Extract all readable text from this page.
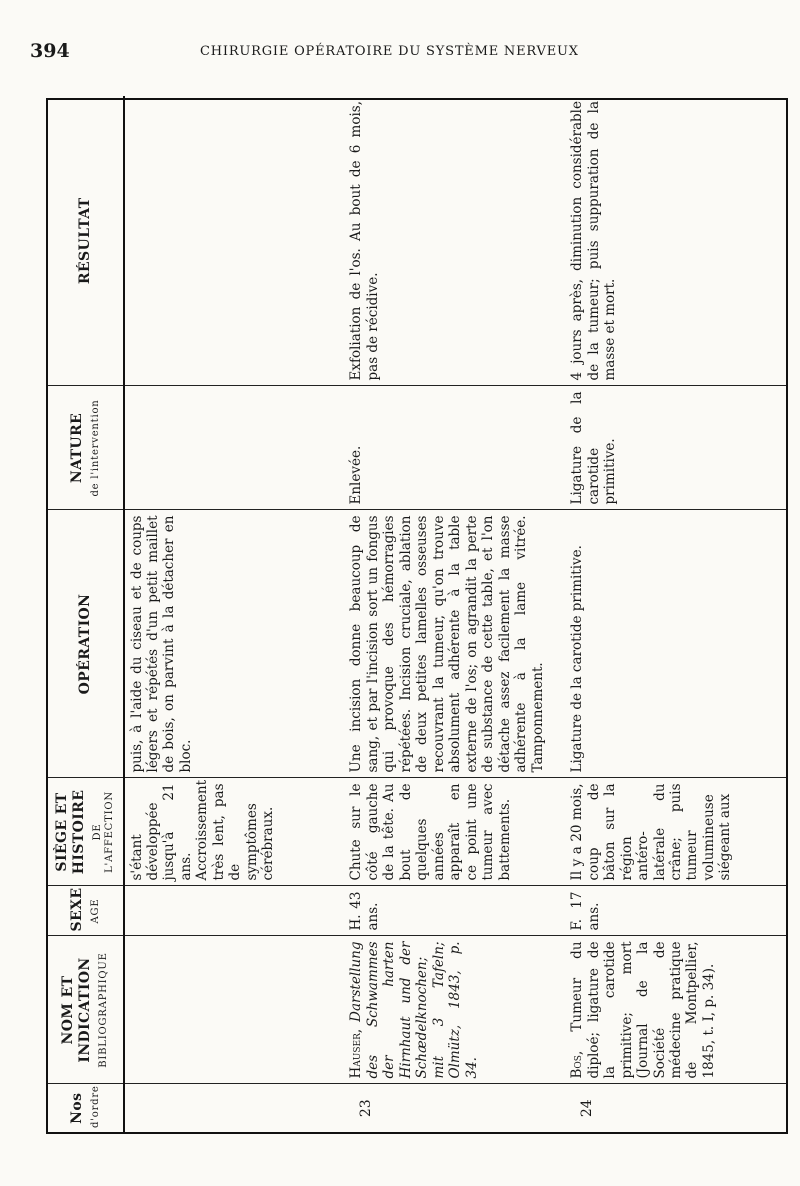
394	CHIRURGIE OPÉRATOIRE DU SYSTÈME NERVEUX
Nos d'ordre	NOM ET INDICATION BIBLIOGRAPHIQUE	SEXE AGE	SIÈGE ET HISTOIRE DE L'AFFECTION	OPÉRATION	NATURE de l'intervention	RÉSULTAT
			s'étant développée jusqu'à 21 ans. Accroissement très lent, pas de symptômes cérébraux.	puis, à l'aide du ciseau et de coups légers et répétés d'un petit maillet de bois, on parvint à la détacher en bloc.		
23	Hauser, Darstellung des Schwammes der harten Hirnhaut und der Schædelknochen; mit 3 Tafeln; Olmütz, 1843, p. 34.	H. 43 ans.	Chute sur le côté gauche de la tête. Au bout de quelques années apparaît en ce point une tumeur avec battements.	Une incision donne beaucoup de sang, et par l'incision sort un fongus qui provoque des hémorragies répétées. Incision cruciale, ablation de deux petites lamelles osseuses recouvrant la tumeur, qu'on trouve absolument adhérente à la table externe de l'os; on agrandit la perte de substance de cette table, et l'on détache assez facilement la masse adhérente à la lame vitrée. Tamponnement.	Enlevée.	Exfoliation de l'os. Au bout de 6 mois, pas de récidive.
24	Bos, Tumeur du diploé; ligature de la carotide primitive; mort (Journal de la Société de médecine pratique de Montpellier, 1845, t. I, p. 34).	F. 17 ans.	Il y a 20 mois, coup de bâton sur la région antéro-latérale du crâne; puis tumeur volumineuse siégeant aux	Ligature de la carotide primitive.	Ligature de la carotide primitive.	4 jours après, diminution considérable de la tumeur; puis suppuration de la masse et mort.
